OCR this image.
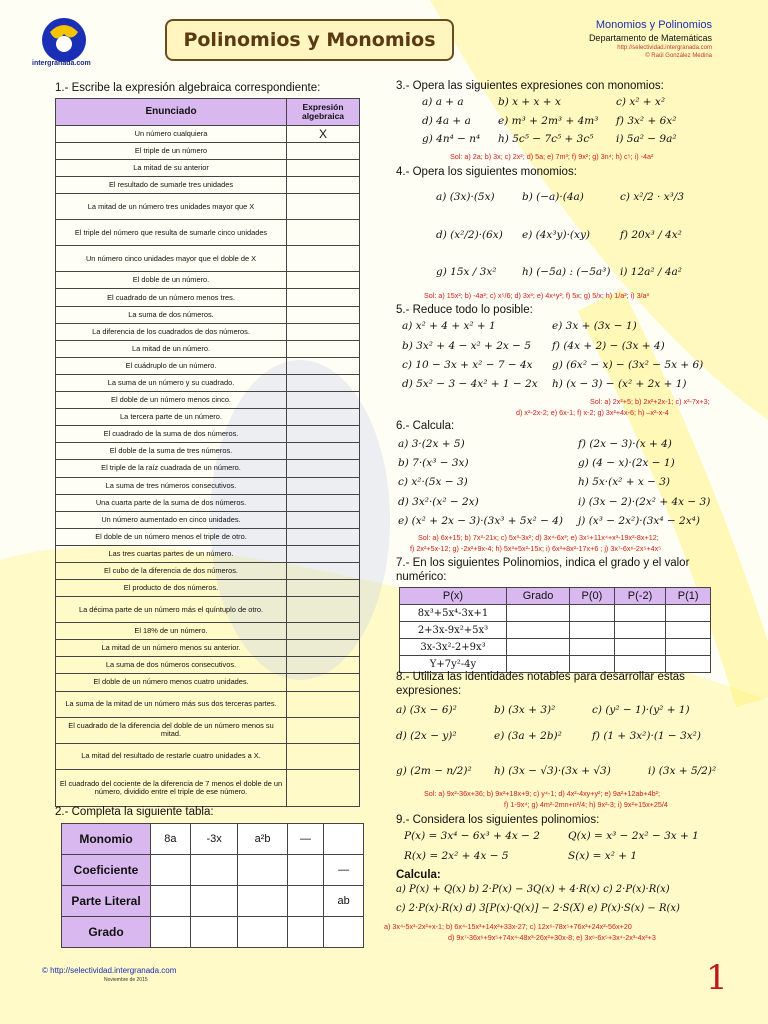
intergranada.com
Polinomios y Monomios
Monomios y Polinomios
Departamento de Matemáticas
http://selectividad.intergranada.com
© Raúl González Medina
1.- Escribe la expresión algebraica correspondiente:
Enunciado	Expresión algebraica
Un número cualquiera	X
El triple de un número	
La mitad de su anterior	
El resultado de sumarle tres unidades	
La mitad de un número tres unidades mayor que X	
El triple del número que resulta de sumarle cinco unidades	
Un número cinco unidades mayor que el doble de X	
El doble de un número.	
El cuadrado de un número menos tres.	
La suma de dos números.	
La diferencia de los cuadrados de dos números.	
La mitad de un número.	
El cuádruplo de un número.	
La suma de un número y su cuadrado.	
El doble de un número menos cinco.	
La tercera parte de un número.	
El cuadrado de la suma de dos números.	
El doble de la suma de tres números.	
El triple de la raíz cuadrada de un número.	
La suma de tres números consecutivos.	
Una cuarta parte de la suma de dos números.	
Un número aumentado en cinco unidades.	
El doble de un número menos el triple de otro.	
Las tres cuartas partes de un número.	
El cubo de la diferencia de dos números.	
El producto de dos números.	
La décima parte de un número más el quíntuplo de otro.	
El 18% de un número.	
La mitad de un número menos su anterior.	
La suma de dos números consecutivos.	
El doble de un número menos cuatro unidades.	
La suma de la mitad de un número más sus dos terceras partes.	
El cuadrado de la diferencia del doble de un número menos su mitad.	
La mitad del resultado de restarle cuatro unidades a X.	
El cuadrado del cociente de la diferencia de 7 menos el doble de un número, dividido entre el triple de ese número.	
2.- Completa la siguiente tabla:
Monomio	8a	-3x	a²b	—	
Coeficiente					—
Parte Literal					ab
Grado					
3.- Opera las siguientes expresiones con monomios:
a) a + a	b) x + x + x	c) x² + x²
d) 4a + a	e) m³ + 2m³ + 4m³ f) 3x² + 6x²
g) 4n⁴ − n⁴ h) 5c⁵ − 7c⁵ + 3c⁵ i) 5a² − 9a²
Sol: a) 2a; b) 3x; c) 2x²; d) 5a; e) 7m³; f) 9x²; g) 3n⁴; h) c⁵; i) -4a²
4.- Opera los siguientes monomios:
a) (3x)·(5x)	b) (−a)·(4a)	c) x²/2 · x³/3
d) (x²/2)·(6x) e) (4x³y)·(xy)	f) 20x³ / 4x²
g) 15x / 3x² h) (−5a) : (−5a³) i) 12a² / 4a²
Sol: a) 15x²; b) -4a²; c) x⁵/6; d) 3x³; e) 4x⁴y²; f) 5x; g) 5/x; h) 1/a²; i) 3/a³
5.- Reduce todo lo posible:
a) x² + 4 + x² + 1	e) 3x + (3x − 1)
b) 3x² + 4 − x² + 2x − 5 f) (4x + 2) − (3x + 4)
c) 10 − 3x + x² − 7 − 4x g) (6x² − x) − (3x² − 5x + 6)
d) 5x² − 3 − 4x² + 1 − 2x h) (x − 3) − (x² + 2x + 1)
Sol: a) 2x²+5; b) 2x²+2x-1; c) x²-7x+3;
d) x²-2x-2; e) 6x-1; f) x-2; g) 3x²+4x-6; h) –x²-x-4
6.- Calcula:
a) 3·(2x + 5)	f) (2x − 3)·(x + 4)
b) 7·(x³ − 3x)	g) (4 − x)·(2x − 1)
c) x²·(5x − 3)	h) 5x·(x² + x − 3)
d) 3x²·(x² − 2x)	i) (3x − 2)·(2x² + 4x − 3)
e) (x² + 2x − 3)·(3x³ + 5x² − 4) j) (x³ − 2x²)·(3x⁴ − 2x⁴)
Sol: a) 6x+15; b) 7x³-21x; c) 5x³-3x²; d) 3x⁴-6x³; e) 3x⁵+11x⁴+x³-19x²-8x+12;
f) 2x²+5x-12; g) -2x²+9x-4; h) 5x³+5x²-15x; i) 6x³+8x²-17x+6 ; j) 3x⁷-6x⁶-2x⁵+4x⁵
7.- En los siguientes Polinomios, indica el grado y el valor numérico:
P(x)	Grado	P(0)	P(-2)	P(1)
8x³+5x⁴-3x+1				
2+3x-9x²+5x³				
3x-3x²-2+9x³				
Y+7y²-4y				
8.- Utiliza las identidades notables para desarrollar estas expresiones:
a) (3x − 6)²	b) (3x + 3)²	c) (y² − 1)·(y² + 1)
d) (2x − y)²	e) (3a + 2b)²	f) (1 + 3x²)·(1 − 3x²)
g) (2m − n/2)² h) (3x − √3)·(3x + √3)	i) (3x + 5/2)²
Sol: a) 9x²-36x+36; b) 9x²+18x+9; c) y⁴-1; d) 4x²-4xy+y²; e) 9a²+12ab+4b²;
f) 1-9x⁴; g) 4m²-2mn+n²/4; h) 9x²-3; i) 9x²+15x+25/4
9.- Considera los siguientes polinomios:
P(x) = 3x⁴ − 6x³ + 4x − 2	Q(x) = x³ − 2x² − 3x + 1
R(x) = 2x² + 4x − 5	S(x) = x² + 1
Calcula:
a) P(x) + Q(x) b) 2·P(x) − 3Q(x) + 4·R(x) c) 2·P(x)·R(x)
c) 2·P(x)·R(x) d) 3[P(x)·Q(x)] − 2·S(X) e) P(x)·S(x) − R(x)
a) 3x⁴-5x³-2x²+x-1; b) 6x⁴-15x³+14x²+33x-27; c) 12x⁶-78x⁵+76x³+24x²-56x+20
d) 9x⁷-36x⁶+9x⁵+74x⁴-48x³-26x²+30x-8; e) 3x⁶-6x⁵+3x⁴-2x³-4x²+3
© http://selectividad.intergranada.com
Noviembre de 2015	1
